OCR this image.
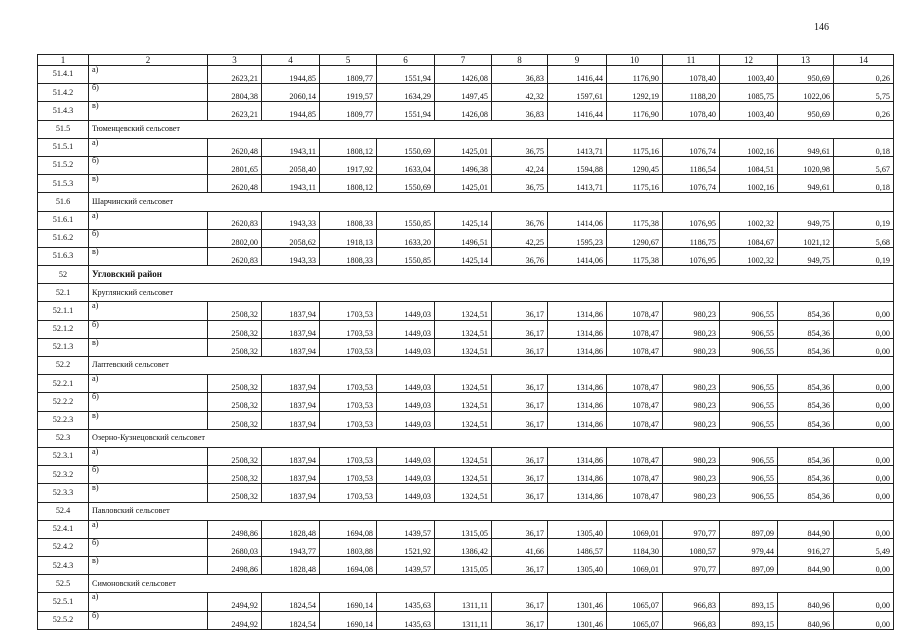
146
1	2	3	4	5	6	7	8	9	10	11	12	13	14
51.4.1	а)	2623,21	1944,85	1809,77	1551,94	1426,08	36,83	1416,44	1176,90	1078,40	1003,40	950,69	0,26
51.4.2	б)	2804,38	2060,14	1919,57	1634,29	1497,45	42,32	1597,61	1292,19	1188,20	1085,75	1022,06	5,75
51.4.3	в)	2623,21	1944,85	1809,77	1551,94	1426,08	36,83	1416,44	1176,90	1078,40	1003,40	950,69	0,26
51.5	Тюменцевский сельсовет												
51.5.1	а)	2620,48	1943,11	1808,12	1550,69	1425,01	36,75	1413,71	1175,16	1076,74	1002,16	949,61	0,18
51.5.2	б)	2801,65	2058,40	1917,92	1633,04	1496,38	42,24	1594,88	1290,45	1186,54	1084,51	1020,98	5,67
51.5.3	в)	2620,48	1943,11	1808,12	1550,69	1425,01	36,75	1413,71	1175,16	1076,74	1002,16	949,61	0,18
51.6	Шарчинский сельсовет												
51.6.1	а)	2620,83	1943,33	1808,33	1550,85	1425,14	36,76	1414,06	1175,38	1076,95	1002,32	949,75	0,19
51.6.2	б)	2802,00	2058,62	1918,13	1633,20	1496,51	42,25	1595,23	1290,67	1186,75	1084,67	1021,12	5,68
51.6.3	в)	2620,83	1943,33	1808,33	1550,85	1425,14	36,76	1414,06	1175,38	1076,95	1002,32	949,75	0,19
52	Угловский район												
52.1	Круглянский сельсовет												
52.1.1	а)	2508,32	1837,94	1703,53	1449,03	1324,51	36,17	1314,86	1078,47	980,23	906,55	854,36	0,00
52.1.2	б)	2508,32	1837,94	1703,53	1449,03	1324,51	36,17	1314,86	1078,47	980,23	906,55	854,36	0,00
52.1.3	в)	2508,32	1837,94	1703,53	1449,03	1324,51	36,17	1314,86	1078,47	980,23	906,55	854,36	0,00
52.2	Лаптевский сельсовет												
52.2.1	а)	2508,32	1837,94	1703,53	1449,03	1324,51	36,17	1314,86	1078,47	980,23	906,55	854,36	0,00
52.2.2	б)	2508,32	1837,94	1703,53	1449,03	1324,51	36,17	1314,86	1078,47	980,23	906,55	854,36	0,00
52.2.3	в)	2508,32	1837,94	1703,53	1449,03	1324,51	36,17	1314,86	1078,47	980,23	906,55	854,36	0,00
52.3	Озерно-Кузнецовский сельсовет												
52.3.1	а)	2508,32	1837,94	1703,53	1449,03	1324,51	36,17	1314,86	1078,47	980,23	906,55	854,36	0,00
52.3.2	б)	2508,32	1837,94	1703,53	1449,03	1324,51	36,17	1314,86	1078,47	980,23	906,55	854,36	0,00
52.3.3	в)	2508,32	1837,94	1703,53	1449,03	1324,51	36,17	1314,86	1078,47	980,23	906,55	854,36	0,00
52.4	Павловский сельсовет												
52.4.1	а)	2498,86	1828,48	1694,08	1439,57	1315,05	36,17	1305,40	1069,01	970,77	897,09	844,90	0,00
52.4.2	б)	2680,03	1943,77	1803,88	1521,92	1386,42	41,66	1486,57	1184,30	1080,57	979,44	916,27	5,49
52.4.3	в)	2498,86	1828,48	1694,08	1439,57	1315,05	36,17	1305,40	1069,01	970,77	897,09	844,90	0,00
52.5	Симоновский сельсовет												
52.5.1	а)	2494,92	1824,54	1690,14	1435,63	1311,11	36,17	1301,46	1065,07	966,83	893,15	840,96	0,00
52.5.2	б)	2494,92	1824,54	1690,14	1435,63	1311,11	36,17	1301,46	1065,07	966,83	893,15	840,96	0,00
